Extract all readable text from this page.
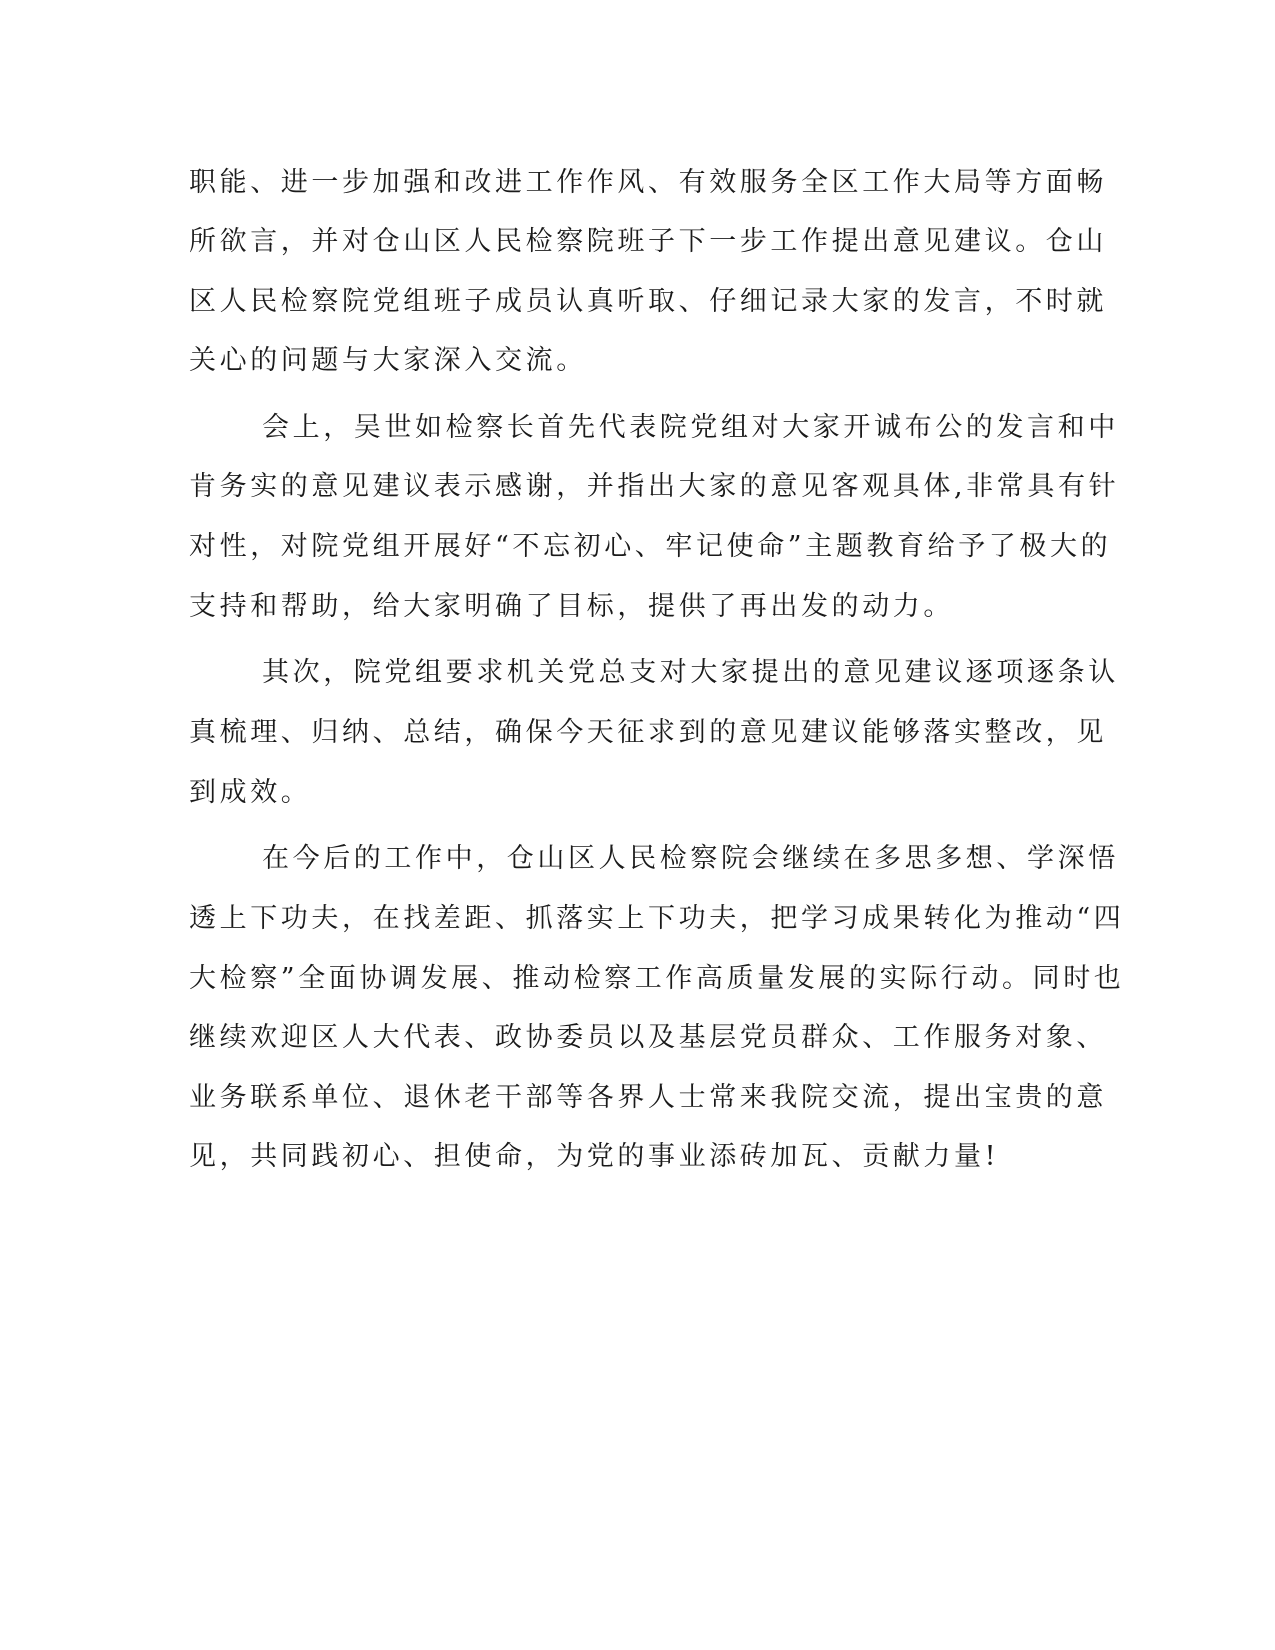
职能、进一步加强和改进工作作风、有效服务全区工作大局等方面畅
所欲言，并对仓山区人民检察院班子下一步工作提出意见建议。仓山
区人民检察院党组班子成员认真听取、仔细记录大家的发言，不时就
关心的问题与大家深入交流。
会上，吴世如检察长首先代表院党组对大家开诚布公的发言和中
肯务实的意见建议表示感谢，并指出大家的意见客观具体,非常具有针
对性，对院党组开展好“不忘初心、牢记使命”主题教育给予了极大的
支持和帮助，给大家明确了目标，提供了再出发的动力。
其次，院党组要求机关党总支对大家提出的意见建议逐项逐条认
真梳理、归纳、总结，确保今天征求到的意见建议能够落实整改，见
到成效。
在今后的工作中，仓山区人民检察院会继续在多思多想、学深悟
透上下功夫，在找差距、抓落实上下功夫，把学习成果转化为推动“四
大检察”全面协调发展、推动检察工作高质量发展的实际行动。同时也
继续欢迎区人大代表、政协委员以及基层党员群众、工作服务对象、
业务联系单位、退休老干部等各界人士常来我院交流，提出宝贵的意
见，共同践初心、担使命，为党的事业添砖加瓦、贡献力量!
